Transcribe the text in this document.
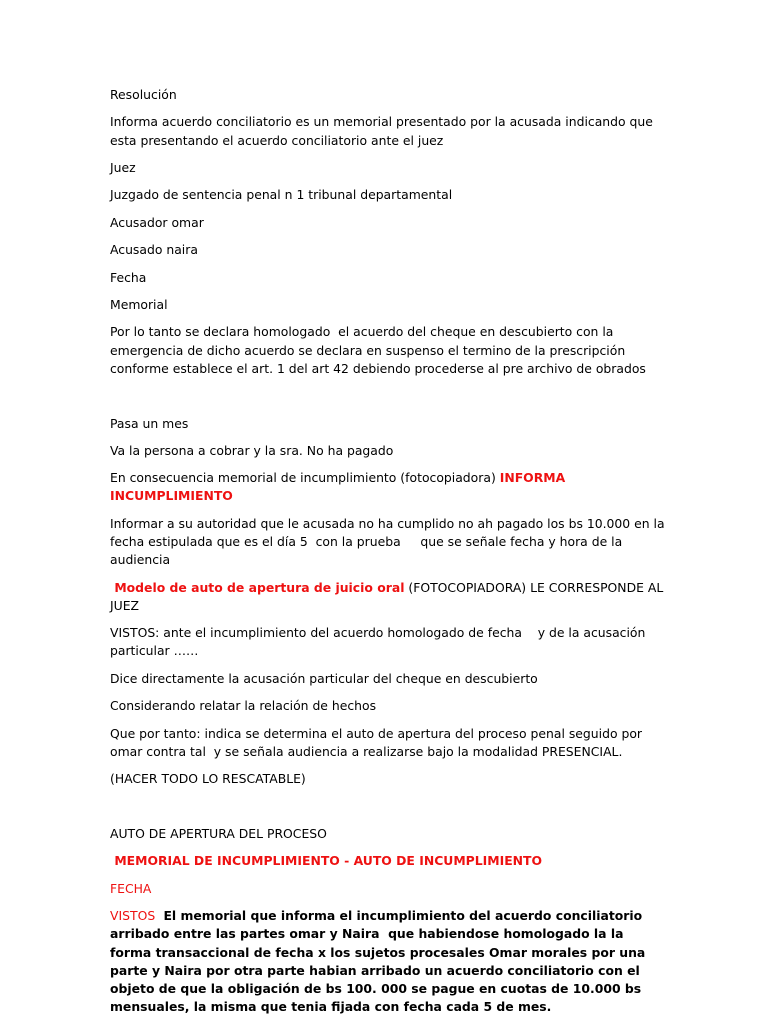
Resolución

Informa acuerdo conciliatorio es un memorial presentado por la acusada indicando que esta presentando el acuerdo conciliatorio ante el juez

Juez

Juzgado de sentencia penal n 1 tribunal departamental

Acusador omar

Acusado naira

Fecha

Memorial

Por lo tanto se declara homologado  el acuerdo del cheque en descubierto con la emergencia de dicho acuerdo se declara en suspenso el termino de la prescripción conforme establece el art. 1 del art 42 debiendo procederse al pre archivo de obrados

Pasa un mes

Va la persona a cobrar y la sra. No ha pagado

En consecuencia memorial de incumplimiento (fotocopiadora) INFORMA INCUMPLIMIENTO

Informar a su autoridad que le acusada no ha cumplido no ah pagado los bs 10.000 en la fecha estipulada que es el día 5  con la prueba     que se señale fecha y hora de la audiencia

Modelo de auto de apertura de juicio oral (FOTOCOPIADORA) LE CORRESPONDE AL JUEZ

VISTOS: ante el incumplimiento del acuerdo homologado de fecha    y de la acusación particular ……

Dice directamente la acusación particular del cheque en descubierto

Considerando relatar la relación de hechos

Que por tanto: indica se determina el auto de apertura del proceso penal seguido por omar contra tal  y se señala audiencia a realizarse bajo la modalidad PRESENCIAL.

(HACER TODO LO RESCATABLE)

AUTO DE APERTURA DEL PROCESO

MEMORIAL DE INCUMPLIMIENTO - AUTO DE INCUMPLIMIENTO

FECHA

VISTOS  El memorial que informa el incumplimiento del acuerdo conciliatorio arribado entre las partes omar y Naira  que habiendose homologado la la forma transaccional de fecha x los sujetos procesales Omar morales por una parte y Naira por otra parte habian arribado un acuerdo conciliatorio con el objeto de que la obligación de bs 100. 000 se pague en cuotas de 10.000 bs mensuales, la misma que tenia fijada con fecha cada 5 de mes.
